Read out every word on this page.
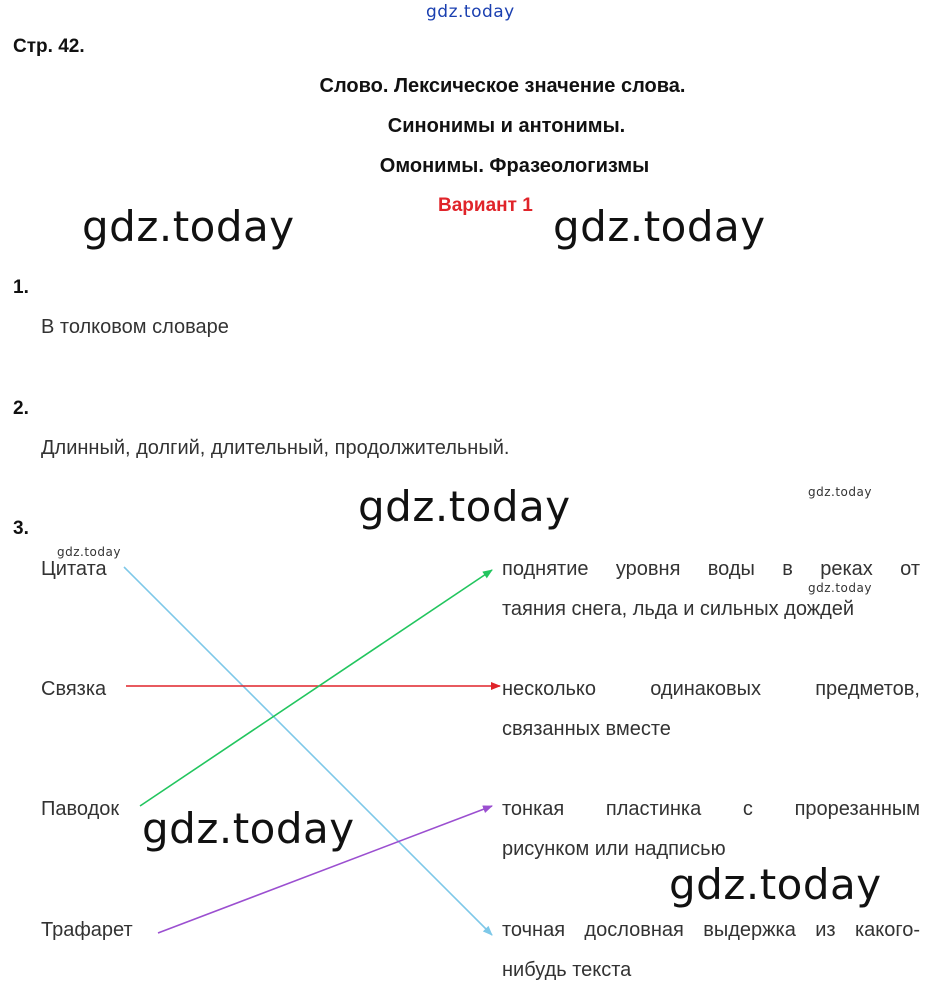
gdz.today
Стр. 42.
Слово. Лексическое значение слова.
Синонимы и антонимы.
Омонимы. Фразеологизмы
Вариант 1
gdz.today	gdz.today
gdz.today
gdz.today
gdz.today
gdz.today
gdz.today
gdz.today
1.
В толковом словаре
2.
Длинный, долгий, длительный, продолжительный.
3.
Цитата
Связка
Паводок
Трафарет
поднятие уровня воды в реках от
таяния снега, льда и сильных дождей
несколько одинаковых предметов,
связанных вместе
тонкая пластинка с прорезанным
рисунком или надписью
точная дословная выдержка из какого-
нибудь текста
